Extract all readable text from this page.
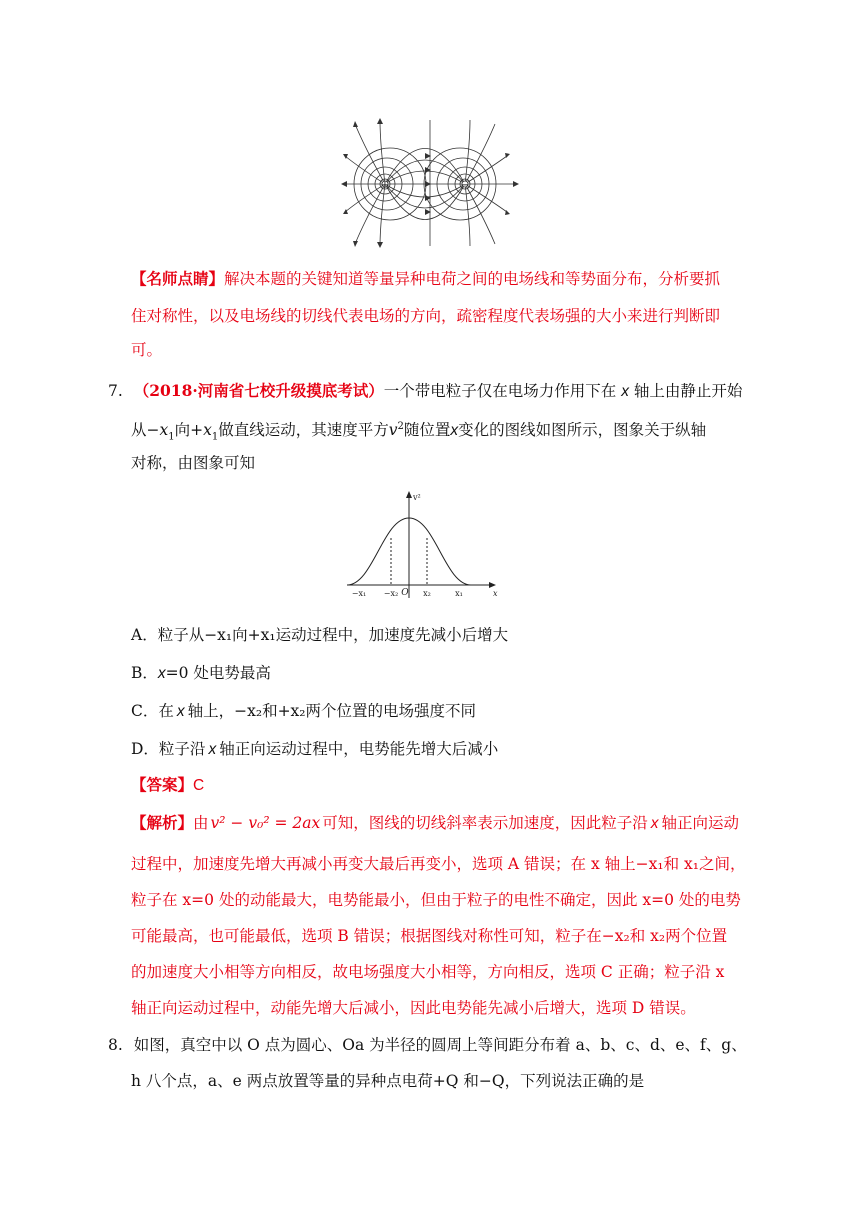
+	−
【名师点睛】解决本题的关键知道等量异种电荷之间的电场线和等势面分布，分析要抓
住对称性，以及电场线的切线代表电场的方向，疏密程度代表场强的大小来进行判断即
可。
7. （2018·河南省七校升级摸底考试）一个带电粒子仅在电场力作用下在 x 轴上由静止开始
从$-x_1$向$+x_1$做直线运动，其速度平方$v^2$随位置x变化的图线如图所示，图象关于纵轴
对称，由图象可知
v²
x
−x₁ −x₂ O x₂	x₁
A．粒子从−x₁向+x₁运动过程中，加速度先减小后增大
B．x=0 处电势最高
C．在 x 轴上，−x₂和+x₂两个位置的电场强度不同
D．粒子沿 x 轴正向运动过程中，电势能先增大后减小
【答案】C
【解析】由 v² − v₀² = 2ax 可知，图线的切线斜率表示加速度，因此粒子沿 x 轴正向运动
过程中，加速度先增大再减小再变大最后再变小，选项 A 错误；在 x 轴上−x₁和 x₁之间，
粒子在 x=0 处的动能最大，电势能最小，但由于粒子的电性不确定，因此 x=0 处的电势
可能最高，也可能最低，选项 B 错误；根据图线对称性可知，粒子在−x₂和 x₂两个位置
的加速度大小相等方向相反，故电场强度大小相等，方向相反，选项 C 正确；粒子沿 x
轴正向运动过程中，动能先增大后减小，因此电势能先减小后增大，选项 D 错误。
8. 如图，真空中以 O 点为圆心、Oa 为半径的圆周上等间距分布着 a、b、c、d、e、f、g、
h 八个点，a、e 两点放置等量的异种点电荷+Q 和−Q，下列说法正确的是
